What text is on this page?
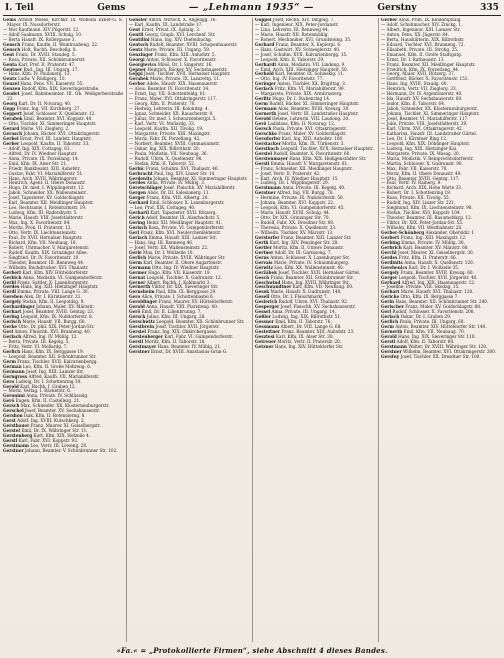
I. Teil	Gems	— „Lehmann 1935“ —	Gerstny	335

Gems Arnold Moses, Kirchkr. IX. Wilhelm Exner-G. 8. Mayer. IX. Nussdorferstr.

— Mor Kaufmann. XIV Pilgerstr. 12.

— Adolf Saalmann. XVIII. Schulg. 10.

— Berta Hausfr. IX. Rollergasse 3.

Gensch Franz, Kaufm. II. Weintraubeng. 22.

Gensch Holt, Buchh. Beschellg. 8.

Gent Franz, Dr. XVIII. Staudeg. 5.

— Rosa, Private. XII. Schönbrunnerstr.

Genta Karl, Prof. II. Praterstr. 47.

Gentner Rud., Ing. III. Ungarg. 17.

— Hans, Kfm. IV. Paulanerg. 13.

Gentz Ludw. V. Rüdigerg. 10.

Genzel Hans, Pens. VII. Kaiserstr. 55.

Genzen Rudolf, Kfm. XIX. Sieveringerstraße.

Geodet Josef, Bahnbeamter. III. Ob. Weißgerberstraße 23.

Georg Karl, Dr. II. Novarag. 40.

Gepp Franz, Ing. VII. Kirchberg. 27.

Geppert Josef, Schlosser. X. Quellenstr. 12.

Gerabek Emil, Beamter. XVI. Koppstr. 40.

— Otto, Tischler. XI. Simmeringer Hauptstr.

Gerard Marie. VII. Zieglerg. 2.

Gerasch Johann, Bäcker. XVI. Ottakringerstr.

Gerbel Ernst, Prof. III. Landstr. Hauptstr.

Gerber Leopold, Kaufm. II. Taborstr. 33.

— Adolf, Ing. XIX. Cottageg. 61.

— Alfred, Dr. IV. Wiedner Hauptstr.

— Anna, Private. IX. Porzellang. 14.

— Emil, Kfm. IX. Alser Str. 21.

— Friedr. Bankbeamt. XIII. Auhofstr.

— Gustav, Fabr. VI. Mariahilferstr. 51.

— Hans, Arch. XVIII. Währingerstr.

— Heinrich, Agent. II. Obere Donaustr.

— Hugo, Dr. med. I. Wipplingerstr. 12.

— Jakob, Schneider. XX. Wallensteinstr.

— Josef, Tapezierer. XV. Goldschlagstr.

— Karl, Beamter. XII. Meidlinger Hauptstr.

— Leo, Rechtsanw. I. Rotenturmstr. 19.

— Ludwig, Kfm. III. Radetzkystr. 5.

— Marie, Hausfr. VIII. Josefstädterstr.

— Max, Ing. X. Favoritenstr. 84.

— Moritz, Prok. II. Praterstr. 12.

— Otto, Vertr. IX. Liechtensteinstr.

— Paul, Dr. XVII. Hernalser Hauptstr.

— Richard, Kfm. VII. Neubaug. 18.

— Robert, Uhrmacher. V. Margaretenstr.

— Rudolf, Kaufm. XIX. Grinzinger Allee.

— Siegfried, Dr. IV. Favoritenstr. 10.

— Theodor, Beamter. III. Rennweg 44.

— Wilhelm, Buchdrucker. XVI. Thaliastr.

Gerbert Karl, Kfm. XIV. Hütteldorferstr.

Gerbich Anna, Modistin. VI. Gumpendorferstr.

Gerbl Franz, Sattler. X. Laxenburgerstr.

Gerdes Hans, Ing. XIII. Hietzinger Hauptstr.

Gerdl Emma, Private. VIII. Lange G. 30.

Gereben Alex, Dr. I. Kärntnerstr. 21.

Gergely Stefan, Kfm. II. Leopoldsg. 9.

Gerhardinger Johann, Maler. XV. Märzstr.

Gerhart Josef, Beamter. XVIII. Gentzg. 23.

Gering Leopold, Kfm. IX. Nußdorferstr. 8.

Gerisch Marie, Hausfr. VII. Burgg. 60.

Gerke Otto, Dr. phil. XIX. Peter-Jordan-Str.

Gerl Anton, Fleischh. XVI. Brunneng. 40.

Gerlach Alfred, Ing. IV. Mühlg. 12.

— Berta, Private. III. Kegelg. 5.

— Fritz, Vertr. VI. Mollardg. 7.

Gerlich Hans, Kfm. IX. Berggasse 19.

— Leopold, Beamter. XII. Schönbrunner Str.

Germ Franz, Tischler. XVII. Kalvarienbergg.

German Leo, Kfm. II. Große Mohreng. 6.

Germann Josef, Ing. XIII. Lainzer Str.

Gerngross Alfred, Kaufh. VII. Mariahilferstr.

Gero Ludwig, Dr. I. Schottenring 30.

Gerold Karl, Buchh. I. Graben 12.

— Moriz, Verlag. I. Bäckerstr. 6.

Geronimi Anna, Private. IV. Schlüsselg.

Gerö Eugen, Kfm. II. Castellezg. 21.

Gersch Max, Schneider. XX. Klosterneuburgerstr.

Gerschel Josef, Beamter. XV. Sechshauserstr.

Gershon Isak, Kfm. II. Rotensterng. 8.

Gerst Adolf, Ing. XVIII. Kutschkerg. 2.

Gerstbauer Franz, Maurer. XI. Geiselbergstr.

Gerstel Emil, Dr. IX. Währinger Str. 11.

Gerstenberg Kurt, Kfm. XIX. Hofzeile 4.

Gerstl Karl, Fabr. XVI. Koppstr. 93.

Gerstmann Leo, Vertr. III. Löweng. 20.

Gerstner Johann, Beamter. V. Schönbrunner Str. 102.

Gensler Anton, Wirtsch. X. Angeligg. 16.

— Karl, Kaufm. III. Landstraße 17.

Gent Ernst, Privat. IX. Spitalg. 3.

Gentil Georg, Graph. XVI. Lerchenf. Str.

Gentilini Hans, Ing. XIV. Diefenbachg.

Gentsch Rudolf, Beamter. XVIII. Schopenhauerstr.

Gentz Marie, Private. III. Ungarg. 59.

Genzinger Franz, Kfm. XIII. Auhofstr. 5.

Georgi Anton, Schlosser. X. Favoritenstr.

Georgievics Miloš, Dr. I. Singerstr. 16.

Gepner Heinrich, Bäcker. XV. Sechshauserstr.

Geppl Josef, Tischler. XVII. Hernalser Hauptstr.

Gerabek Marie, Private. IX. Lazarettg. 11.

Gerber Adele, Hausfr. XIX. Hasenauerstr.

— Alois, Beamter. IV. Favoritenstr. 34.

— Ernst, Ing. VII. Schottenfeldg. 61.

— Franz, Maler. XVI. Ottakringerstr. 117.

— Georg, Kfm. II. Praterstr. 70.

— Hedwig, Lehrerin. III. Kolonitzg. 4.

— Ignaz, Schneider. XX. Rauscherstr. 9.

— Julius, Dr. med. I. Schwarzenbergpl. 5.

— Karl, Vertr. VI. Mollardg. 33.

— Leopold, Kaufm. XII. Tivolig. 19.

— Margarete, Private. XIII. Maxingstr.

— Moriz, Fabr. IX. Porzellang. 42.

— Norbert, Beamter. XVIII. Gymnasiumstr.

— Oskar, Ing. XIX. Billrothstr. 20.

— Paula, Modistin. VII. Neubaug. 36.

— Rudolf, Uhrm. X. Quellenstr. 98.

— Stefan, Kfm. II. Taborstr. 52.

Gerbic Franz, Schuhm. XVI. Thaliastr. 46.

Gerbracht Paul, Ing. XIV. Linzer Str. 14.

Gerdenits Johann, Beamter. XI. Simmeringer Hauptstr.

Gerdes Anna, Private. IV. Mühlg. 3.

Geretschläger Josef, Fleischh. XV. Mariahilferstr.

Gergen Alois, Dr. III. Salesianerg. 11.

Gerger Franz, Kfm. VIII. Albertg. 20.

Gerhard Emil, Schlosser. X. Laxenburgerstr.

— Leo, Prof. XIX. Cottageg. 40.

Gerhartl Karl, Tapezierer. XVII. Rötzerg.

Gerich Adolf, Beamter. IX. Alserbachstr. 5.

Gering Heinr. XII. Meidlinger Hauptstr. 41.

Gerisch Rosa, Private. VI. Gumpendorferstr.

Gerl Franz, Kfm. XVI. Neulerchenfelderstr.

Gerlach Emma, Hausfr. XIII. Lainzer Str.

— Hans, Ing. III. Rennweg 46.

— Josef, Vertr. XX. Wallensteinstr. 22.

Gerle Max, Dr. I. Wollzeile 10.

Gerlich Marie, Private. XVIII. Währinger Str.

Germ Karl, Beamter. II. Obere Augartenstr.

Germann Otto, Ing. IV. Wiedner Hauptstr.

Germer Hugo, Kfm. VII. Kaiserstr. 19.

Gernat Leopold, Tischler. X. Gudrunstr. 12.

Gerner Albert, Buchh. I. Kohlmarkt 3.

Gernerth Viktor, Dr. XIX. Sieveringer Str.

Gernsheim Paul, Kfm. IX. Berggasse 29.

Gero Alice, Private. I. Schottenbastei 6.

Geroldinger Franz, Maurer. XV. Hütteldorferstr.

Gerold Anna, Hausfr. VIII. Piaristeng. 40.

Gerő Emil, Dr. II. Lilienbrunng. 7.

Gersch Julius, Kfm. III. Ungarg. 28.

Gerschwitz Leopold, Beamter. XII. Schönbrunner Str.

Gerstbrein Josef, Tischler. XVII. Jörgerstr.

Gerstel Franz, Ing. XIX. Obkirchergasse.

Gerstenberger Karl, Fabr. VI. Gumpendorferstr.

Gerstl Moritz, Kfm. II. Taborstr. 18.

Gerstmayer Hans, Beamter. IV. Mühlg. 21.

Gerstner Ernst, Dr. XVIII. Anastasius-Grün-G.

Goppel Josef, Rechn. XIV. Dingelg. 7.

— Karl, Ingenieur. XIX. Peter-Jordanstr.

— Lina, Lehrerin. III. Rennweg 44.

— Marie, Hausfr. XII. Rotenmühlg.

— Robert, Mechaniker. XVI. Grundsteing. 35.

Gerhard Franz, Beamter. X. Keplerpl. 6.

— Hans, Gastwirt. XV. Schweglerstr. 40.

— Josef, Schuhm. XVII. Kalvarienbergg. 15.

— Leopold, Kfm. II. Taborstr. 29.

Gerhardt Anna, Modistin. VII. Lindeng. 9.

— Emil, Arch. XIII. Hietzinger Hauptstr. 50.

Gerhold Karl, Beamter. IX. Sobieskig. 11.

— Otto, Ing. IV. Favoritenstr. 77.

Geringer Anton, Tischler. XX. Brigittag. 3.

Gerlach Fritz, Kfm. VI. Mariahilferstr. 99.

— Margarete, Private. XIX. Armbrusterg.

Gerlitz Hugo, Dr. I. Stubenring 14.

Germ Rudolf, Bäcker. XI. Simmeringer Hauptstr.

Germann Alois, Beamter. XVIII. Kreuzg. 30.

Gernerth Josef, Vertr. III. Landstraßer Hauptstr.

Gerold Helene, Lehrerin. VIII. Laudong. 20.

Gerö Ladislaus, Kfm. II. Novarag. 12.

Gersch Paula, Private. XVI. Ottakringerstr.

Gerschke Franz, Maler. XV. Goldschlagstr.

Gersdorfer Karl, Ing. XIII. Auhofstr. 100.

Gerstacker Moritz, Kfm. IX. Türkenstr. 3.

Gerstbach Leopold, Tischler. XVII. Hernalser Hauptstr.

Gerstel Rudolf, Beamter. X. Favoritenstr. 60.

Gerstenmayer Hans, Kfm. XIX. Heiligenstädter Str.

Gerstl Emma, Hausfr. V. Margaretenstr. 81.

— Franz, Schneider. XII. Meidlinger Hauptstr.

— Josef, Vertr. II. Praterstr. 42.

— Karl, Arch. IV. Wiedner Hauptstr. 15.

— Ludwig, Dr. I. Wipplingerstr. 29.

Gerstmann Anna, Private. III. Kegelg. 40.

Gerstner Alfred, Ing. VII. Burgg. 78.

— Hermine, Private. IX. Nußdorferstr. 50.

— Johann, Beamter. XVI. Koppstr. 22.

— Leopold, Kfm. VI. Gumpendorferstr. 45.

— Marie, Hausfr. XVIII. Schulg. 44.

— Otto, Dr. XIX. Grinzinger Str. 70.

— Rudolf, Fabr. XX. Dresdner Str. 88.

— Theresia, Private. X. Quellenstr. 33.

— Wilhelm, Tischler. XV. Märzstr. 13.

Gerstorfer Franz, Beamter. XIII. Lainzer Str.

Gerth Karl, Ing. XIV. Penzinger Str. 28.

Gertler Moritz, Kfm. II. Untere Donaustr.

Gertner Adolf, Dr. IX. Garnisong. 7.

Gerus Anton, Schlosser. X. Laxenburger Str.

Gervais Marie, Private. IV. Schaumburgerg.

Gerwitz Leo, Kfm. XX. Wallensteinstr. 40.

Geržábek Josef, Tischler. XVII. Hernalser Gürtel.

Gesch Franz, Beamter. XII. Schönbrunner Str.

Geschwind Hans, Ing. XVIII. Währinger Str.

Geschwandtner Karl, Kfm. VII. Neubaug. 60.

Gesek Marie, Hausfr. X. Gudrunstr. 140.

Gesell Otto, Dr. I. Fleischmarkt 7.

Gesierich Rudolf, Uhrm. XVI. Thaliastr. 92.

Gesperger Josef, Fleischh. XV. Sechshauserstr.

Gessel Anna, Private. III. Ungarg. 14.

Geßler Ludwig, Ing. XIX. Billrothstr. 51.

Gessner Emil, Kfm. II. Taborstr. 76.

Gessmann Albert, Dr. VIII. Lange G. 68.

Gestettner Franz, Beamter. XIII. Auhofstr. 33.

Gesztesi Karl, Kfm. IX. Alser Str. 30.

Getreuer Moritz, Vertr. II. Praterstr. 20.

Getzner Hans, Ing. XIV. Hütteldorfer Str.

Gerber Alois, Prim. IX. Kinderspitalg.

— Adolf, Schuhmacher. XIV. Zinckg. 1.

— Albert, Ingenieur. XIII. Lainzer Str.

— Anton, Pens. XX. Jägerstr. 84.

— Berta, Haushälterin. XIX. Billrothstr.

— Eduard, Tischler. XVI. Brunneng. 72.

— Elisabeth, Private. III. Strohg. 25.

— Emanuel, Kfm. II. Große Stadtgutg.

— Ernst, Dr. I. Rathausstr. 13.

— Franz, Beamter. XII. Meidlinger Hauptstr.

— Friedrich, Kfm. IX. Porzellang. 44.

— Georg, Maler. XVII. Rötzerg. 37.

— Gottfried, Bäcker. X. Favoritenstr. 151.

— Hans, Ing. XVIII. Staudg. 60.

— Heinrich, Vertr. VII. Zieglerg. 33.

— Hermann, Dr. IV. Argentinierstr. 40.

— Ida, Hausfr. XV. Sechshauserstr. 80.

— Isidor, Kfm. II. Taborstr. 64.

— Jakob, Schneider. XX. Klosterneuburgerstr.

— Johann, Tischler. XI. Simmeringer Hauptstr.

— Josef, Beamter. VI. Mariahilferstr. 117.

— Julie, Private. VIII. Josefstädterstr. 39.

— Karl, Uhrm. XVI. Ottakringerstr. 42.

— Katharina, Hausfr. III. Landstraßer Gürtel.

— Leo, Dr. I. Kärntner Ring 12.

— Leopold, Kfm. XIX. Döblinger Hauptstr.

— Ludwig, Ing. XIII. Hietzinger Kai.

— Margarete, Private. IX. Wasag. 20.

— Maria, Modistin. V. Reinprechtsdorferstr.

— Martin, Schlosser. X. Gudrunstr. 90.

— Max, Fabr. VII. Kaiserstr. 70.

— Moriz, Kfm. II. Obere Donaustr. 49.

— Otto, Beamter. XVIII. Gentzg. 117.

— Paul, Vertr. IV. Rainerg. 8.

— Richard, Arch. XIX. Hohe Warte 33.

— Robert, Dr. I. Schottenring 19.

— Rosa, Private. XII. Tivolig. 55.

— Rudolf, Ing. XIV. Linzer Str. 221.

— Siegmund, Kfm. IX. Liechtensteinstr. 90.

— Stefan, Tischler. XVI. Koppstr. 104.

— Theodor, Beamter. III. Rasumofskyg. 12.

— Viktor, Dr. XIX. Peter-Jordan-Str. 55.

— Wilhelm, Kfm. VII. Westbahnstr. 28.

Gerber-Schönberg Alexander, Obersldir. I.

Gerbert Franz, Ing. XIII. Maxingstr. 12.

Gerbing Emma, Private. IV. Mühlg. 30.

Gerbrich Karl, Beamter. XV. Märzstr. 60.

Gerchl Josef, Maurer. XI. Geiselbergstr. 30.

Gerdes Fritz, Kfm. II. Praterstr. 66.

Gerdinits Anna, Hausfr. X. Quellenstr. 120.

Gerebenics Karl, Dr. I. Wollzeile 35.

Gergely Franz, Beamter. XVIII. Kreuzg. 60.

Gerger Leopold, Tischler. XVII. Jörgerstr. 40.

Gerhard Alfred, Ing. XIX. Hasenauerstr. 12.

— Josefine, Private. VIII. Skodag. 15.

Gerhart Marie, Hausfr. XVI. Thaliastr. 120.

Gericke Otto, Kfm. IX. Berggasse 7.

Gerin Hans, Beamter. XII. Schönbrunner Str. 240.

Gerischer Franz, Maler. XV. Goldschlagstr. 88.

Gerl Rudolf, Schlosser. X. Favoritenstr. 200.

Gerlach Oskar, Dr. I. Graben 29.

Gerlich Paula, Private. III. Ungarg. 60.

Germ Anton, Beamter. XIV. Hütteldorfer Str. 140.

Gernerth Emil, Kfm. VII. Neubaug. 70.

Gerold Hans, Ing. XIX. Sieveringer Str. 110.

Gerstl Adolf, Kfm. II. Taborstr. 80.

Gerstmann Walter, Dr. XVIII. Währinger Str. 120.

Gerstner Wilhelm, Beamter. XVI. Ottakringerstr. 200.

Gerstny Josef, Tischler. XX. Dresdner Str. 100.

»Fa.« = „Protokollierte Firmen“, siehe Abschnitt 4 dieses Bandes.
